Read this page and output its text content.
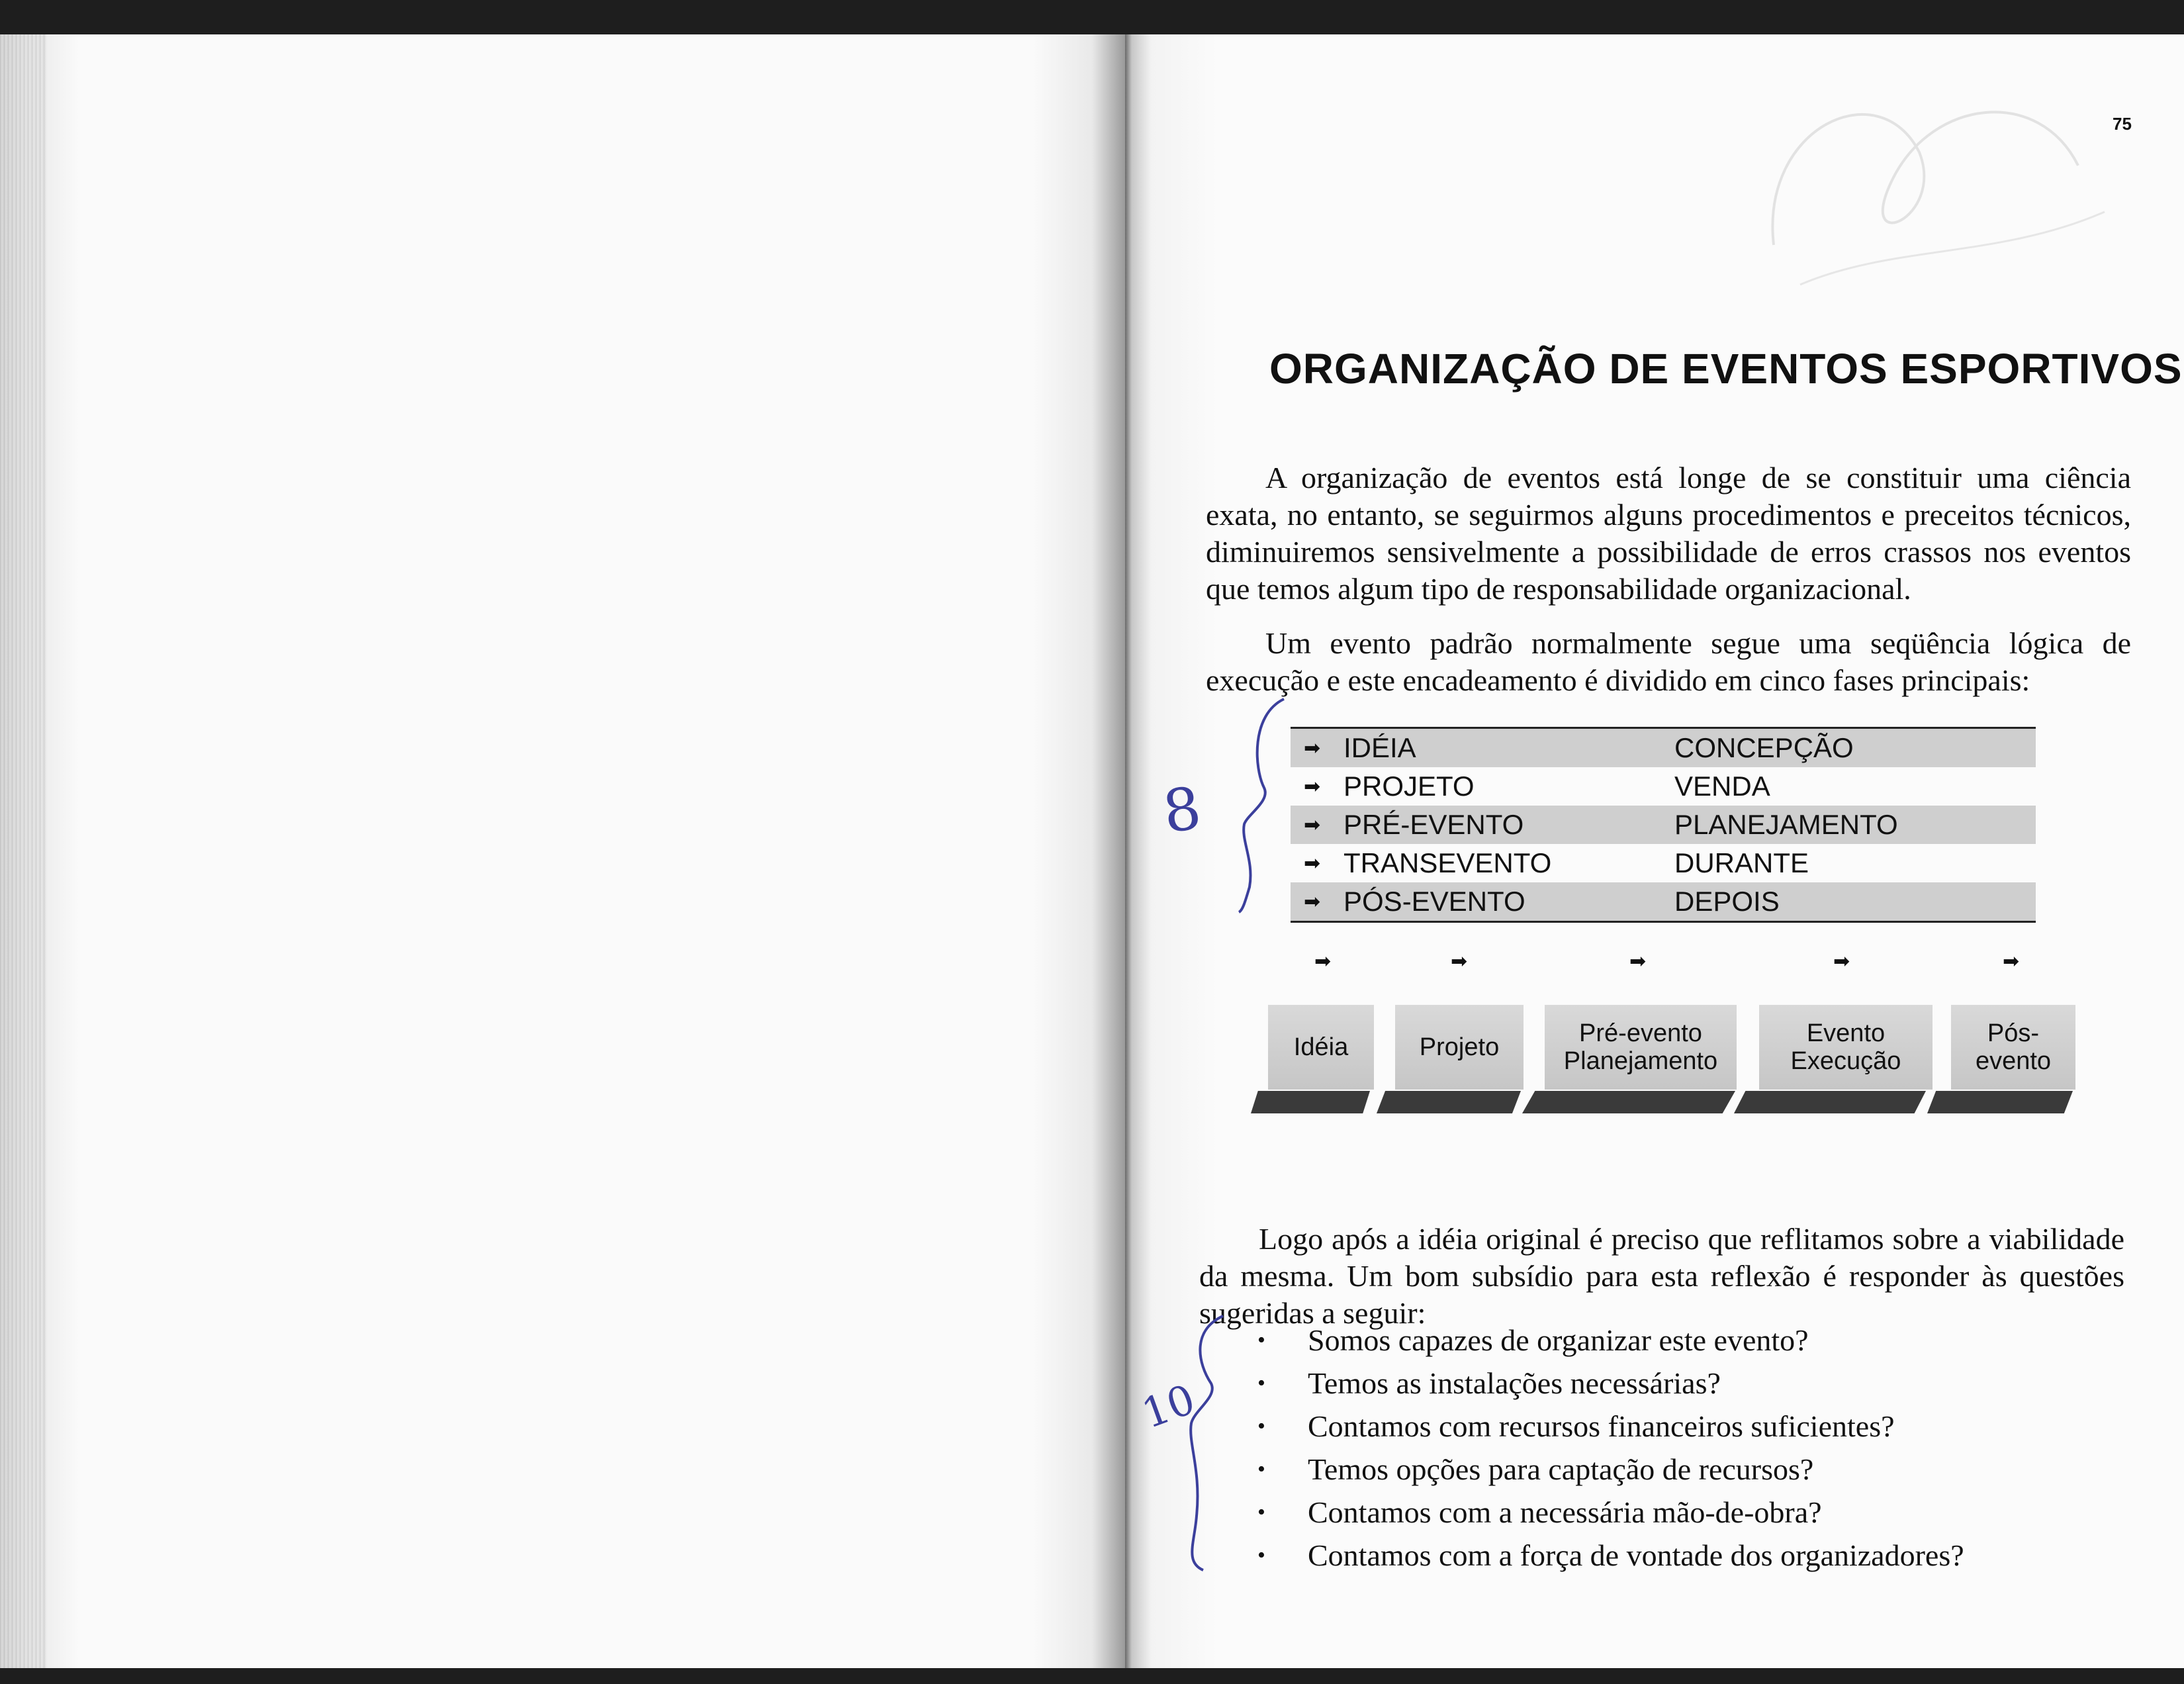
75
ORGANIZAÇÃO DE EVENTOS ESPORTIVOS

A organização de eventos está longe de se constituir uma ciência exata, no entanto, se seguirmos alguns procedimentos e preceitos técnicos, diminuiremos sensivelmente a possibilidade de erros crassos nos eventos que temos algum tipo de responsabilidade organizacional.

Um evento padrão normalmente segue uma seqüência lógica de execução e este encadeamento é dividido em cinco fases principais:

➡ IDÉIA	CONCEPÇÃO
➡ PROJETO	VENDA
➡ PRÉ-EVENTO	PLANEJAMENTO
➡ TRANSEVENTO	DURANTE
➡ PÓS-EVENTO	DEPOIS
➡	➡	➡	➡	➡
Idéia	Projeto	Pré-evento
Planejamento
Evento
Execução
Pós-
evento

Logo após a idéia original é preciso que reflitamos sobre a viabilidade da mesma. Um bom subsídio para esta reflexão é responder às questões sugeridas a seguir:

• Somos capazes de organizar este evento?
• Temos as instalações necessárias?
• Contamos com recursos financeiros suficientes?
• Temos opções para captação de recursos?
• Contamos com a necessária mão-de-obra?
• Contamos com a força de vontade dos organizadores?
8
10
